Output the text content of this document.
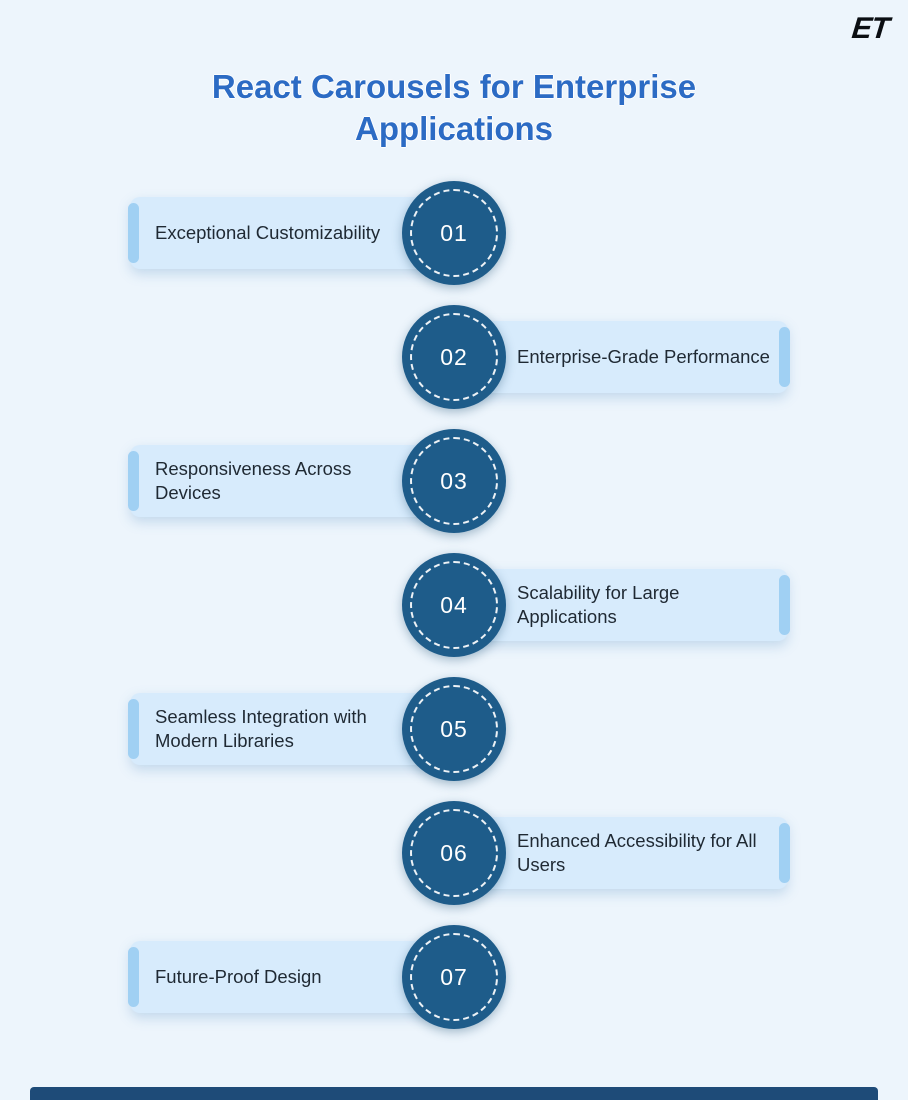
ET
React Carousels for Enterprise Applications
Exceptional Customizability	01
Enterprise-Grade Performance
02
Responsiveness Across Devices	03
Scalability for Large Applications
04
Seamless Integration with Modern Libraries	05
Enhanced Accessibility for All Users
06
Future-Proof Design	07
